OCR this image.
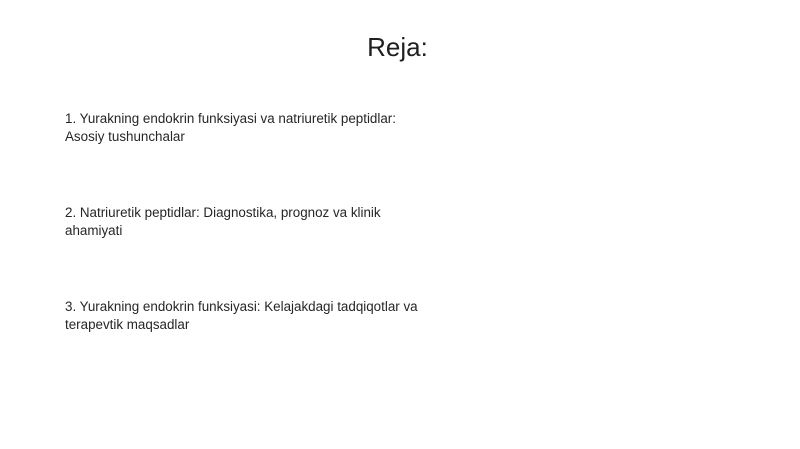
Reja:
1. Yurakning endokrin funksiyasi va natriuretik peptidlar: Asosiy tushunchalar
2. Natriuretik peptidlar: Diagnostika, prognoz va klinik ahamiyati
3. Yurakning endokrin funksiyasi: Kelajakdagi tadqiqotlar va terapevtik maqsadlar
